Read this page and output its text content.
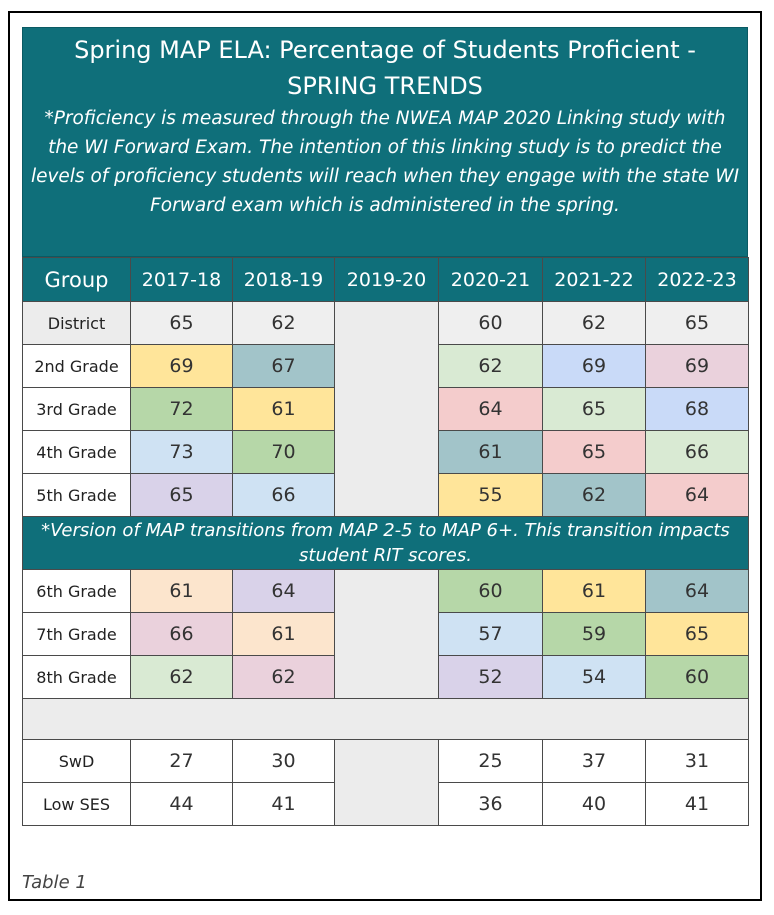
Spring MAP ELA: Percentage of Students Proficient -
SPRING TRENDS
*Proficiency is measured through the NWEA MAP 2020 Linking study with the WI Forward Exam. The intention of this linking study is to predict the levels of proficiency students will reach when they engage with the state WI Forward exam which is administered in the spring.
Group	2017-18	2018-19	2019-20	2020-21	2021-22	2022-23
District	65	62		60	62	65
2nd Grade	69	67		62	69	69
3rd Grade	72	61		64	65	68
4th Grade	73	70		61	65	66
5th Grade	65	66		55	62	64
*Version of MAP transitions from MAP 2-5 to MAP 6+. This transition impacts student RIT scores.						
6th Grade	61	64		60	61	64
7th Grade	66	61		57	59	65
8th Grade	62	62		52	54	60

SwD	27	30		25	37	31
Low SES	44	41		36	40	41
Table 1
